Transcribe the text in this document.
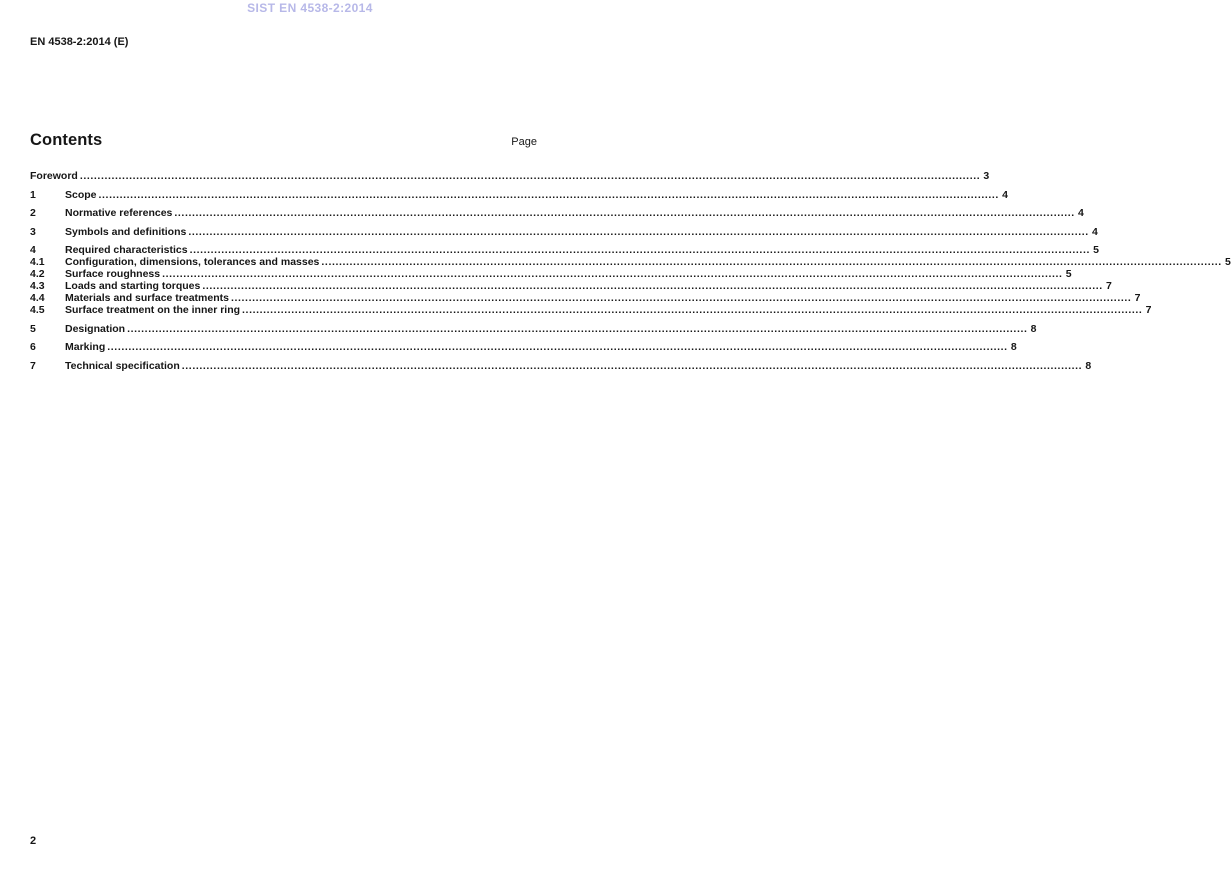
SIST EN 4538-2:2014
EN 4538-2:2014 (E)
Contents	Page
Foreword ................................................................................................................................................................................................................................................................ 3
1	Scope ................................................................................................................................................................................................................................................................ 4
2	Normative references ................................................................................................................................................................................................................................................................ 4
3	Symbols and definitions ................................................................................................................................................................................................................................................................ 4
4	Required characteristics ................................................................................................................................................................................................................................................................ 5
4.1	Configuration, dimensions, tolerances and masses ................................................................................................................................................................................................................................................................ 5
4.2	Surface roughness ................................................................................................................................................................................................................................................................ 5
4.3	Loads and starting torques ................................................................................................................................................................................................................................................................ 7
4.4	Materials and surface treatments ................................................................................................................................................................................................................................................................ 7
4.5	Surface treatment on the inner ring ................................................................................................................................................................................................................................................................ 7
5	Designation ................................................................................................................................................................................................................................................................ 8
6	Marking ................................................................................................................................................................................................................................................................ 8
7	Technical specification ................................................................................................................................................................................................................................................................ 8
2
